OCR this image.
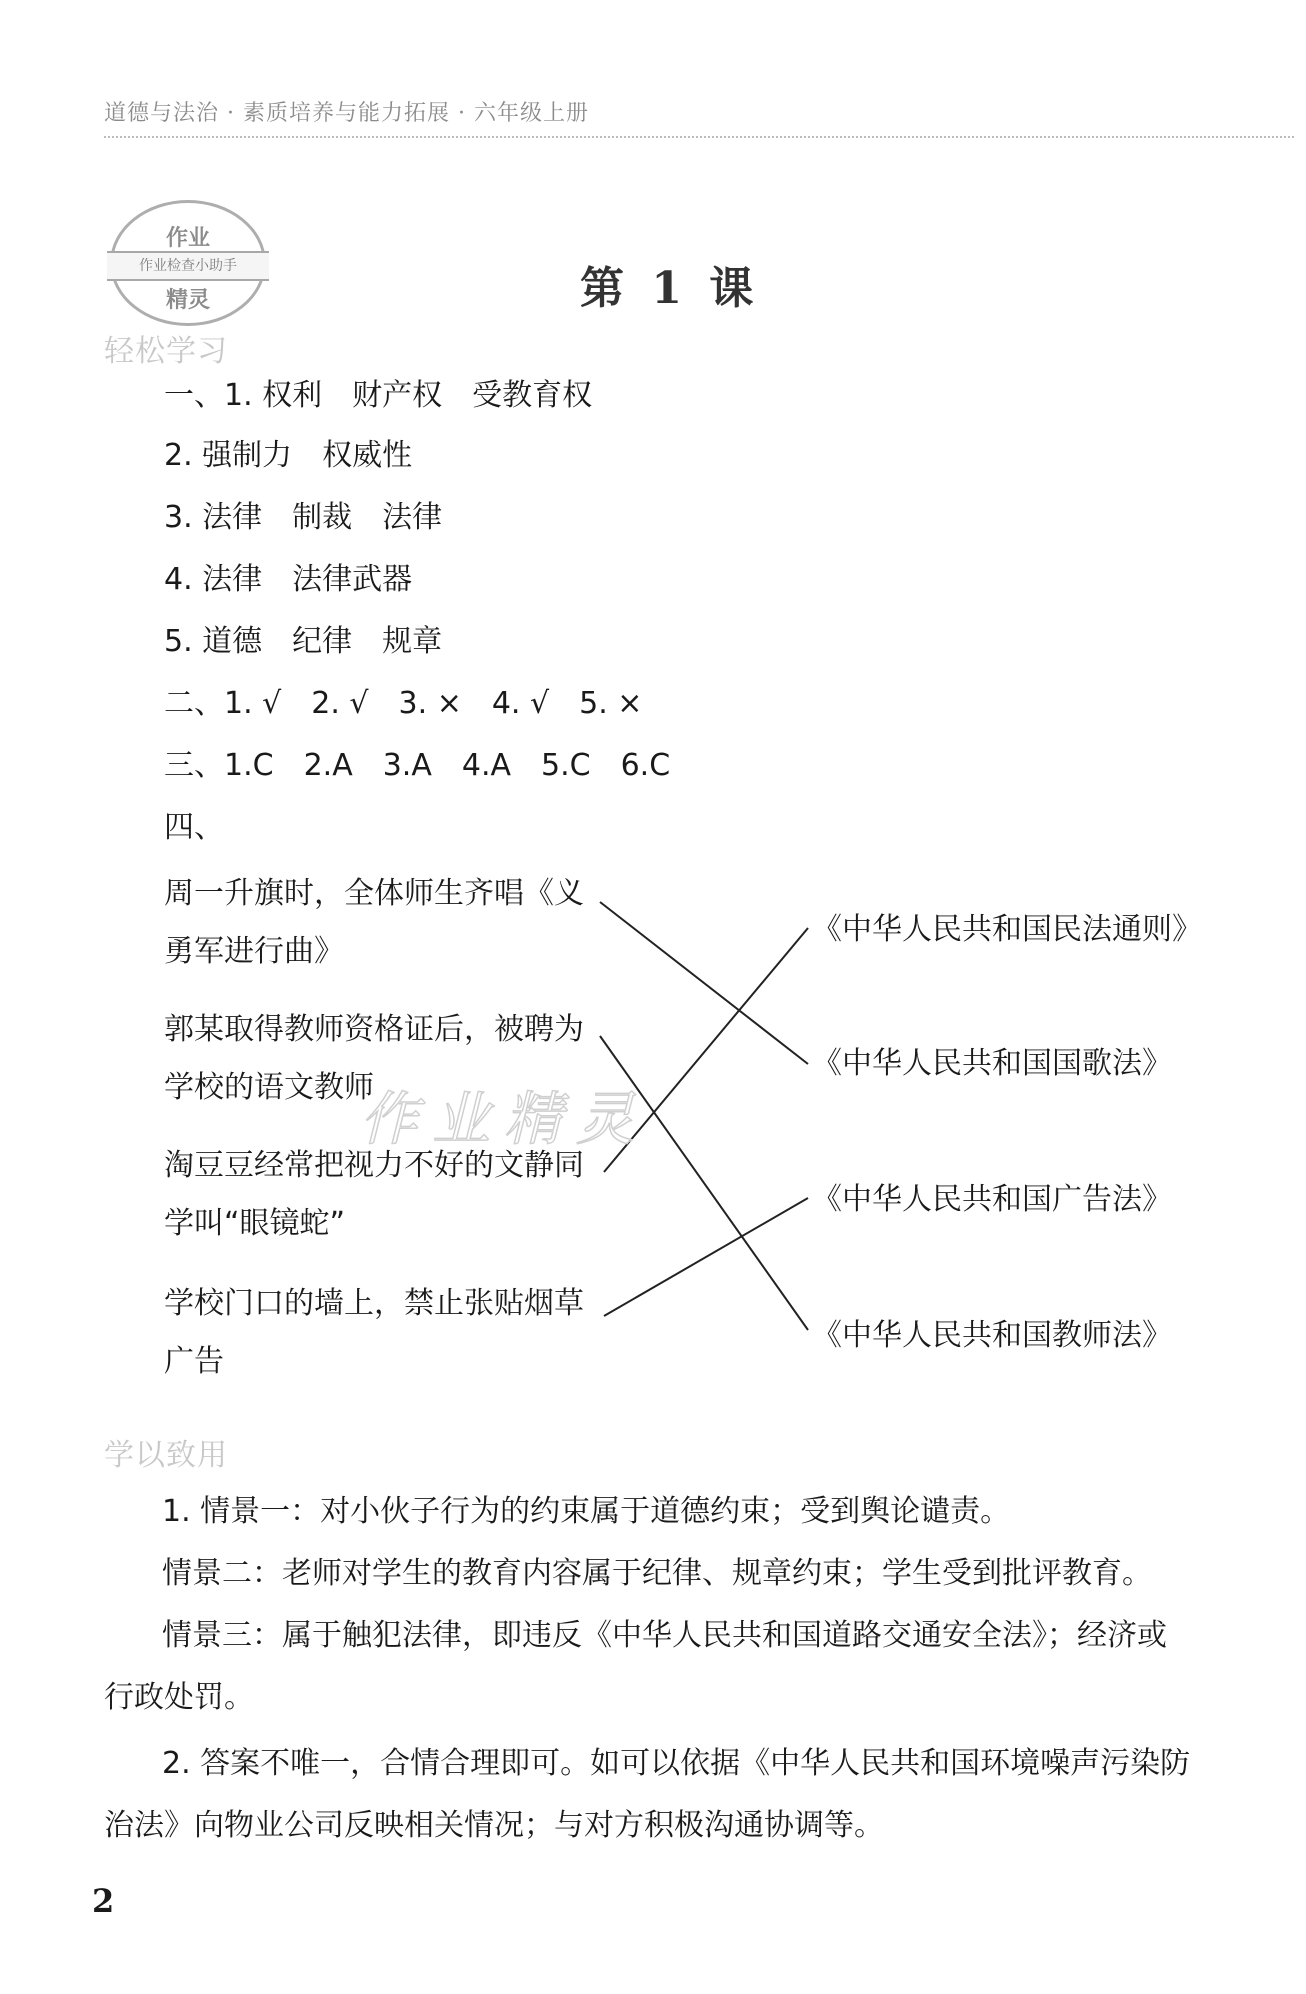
道德与法治 · 素质培养与能力拓展 · 六年级上册
作业
作业检查小助手
精灵	第 1 课
轻松学习
一、1. 权利　财产权　受教育权
2. 强制力　权威性
3. 法律　制裁　法律
4. 法律　法律武器
5. 道德　纪律　规章
二、1. √　2. √　3. ×　4. √　5. ×
三、1.C　2.A　3.A　4.A　5.C　6.C
四、
周一升旗时，全体师生齐唱《义
勇军进行曲》
郭某取得教师资格证后，被聘为
学校的语文教师
淘豆豆经常把视力不好的文静同
学叫“眼镜蛇”
学校门口的墙上，禁止张贴烟草
广告
《中华人民共和国民法通则》
《中华人民共和国国歌法》
《中华人民共和国广告法》
《中华人民共和国教师法》
作业精灵
学以致用
1. 情景一：对小伙子行为的约束属于道德约束；受到舆论谴责。
情景二：老师对学生的教育内容属于纪律、规章约束；学生受到批评教育。
情景三：属于触犯法律，即违反《中华人民共和国道路交通安全法》；经济或
行政处罚。
2. 答案不唯一，合情合理即可。如可以依据《中华人民共和国环境噪声污染防
治法》向物业公司反映相关情况；与对方积极沟通协调等。
2
